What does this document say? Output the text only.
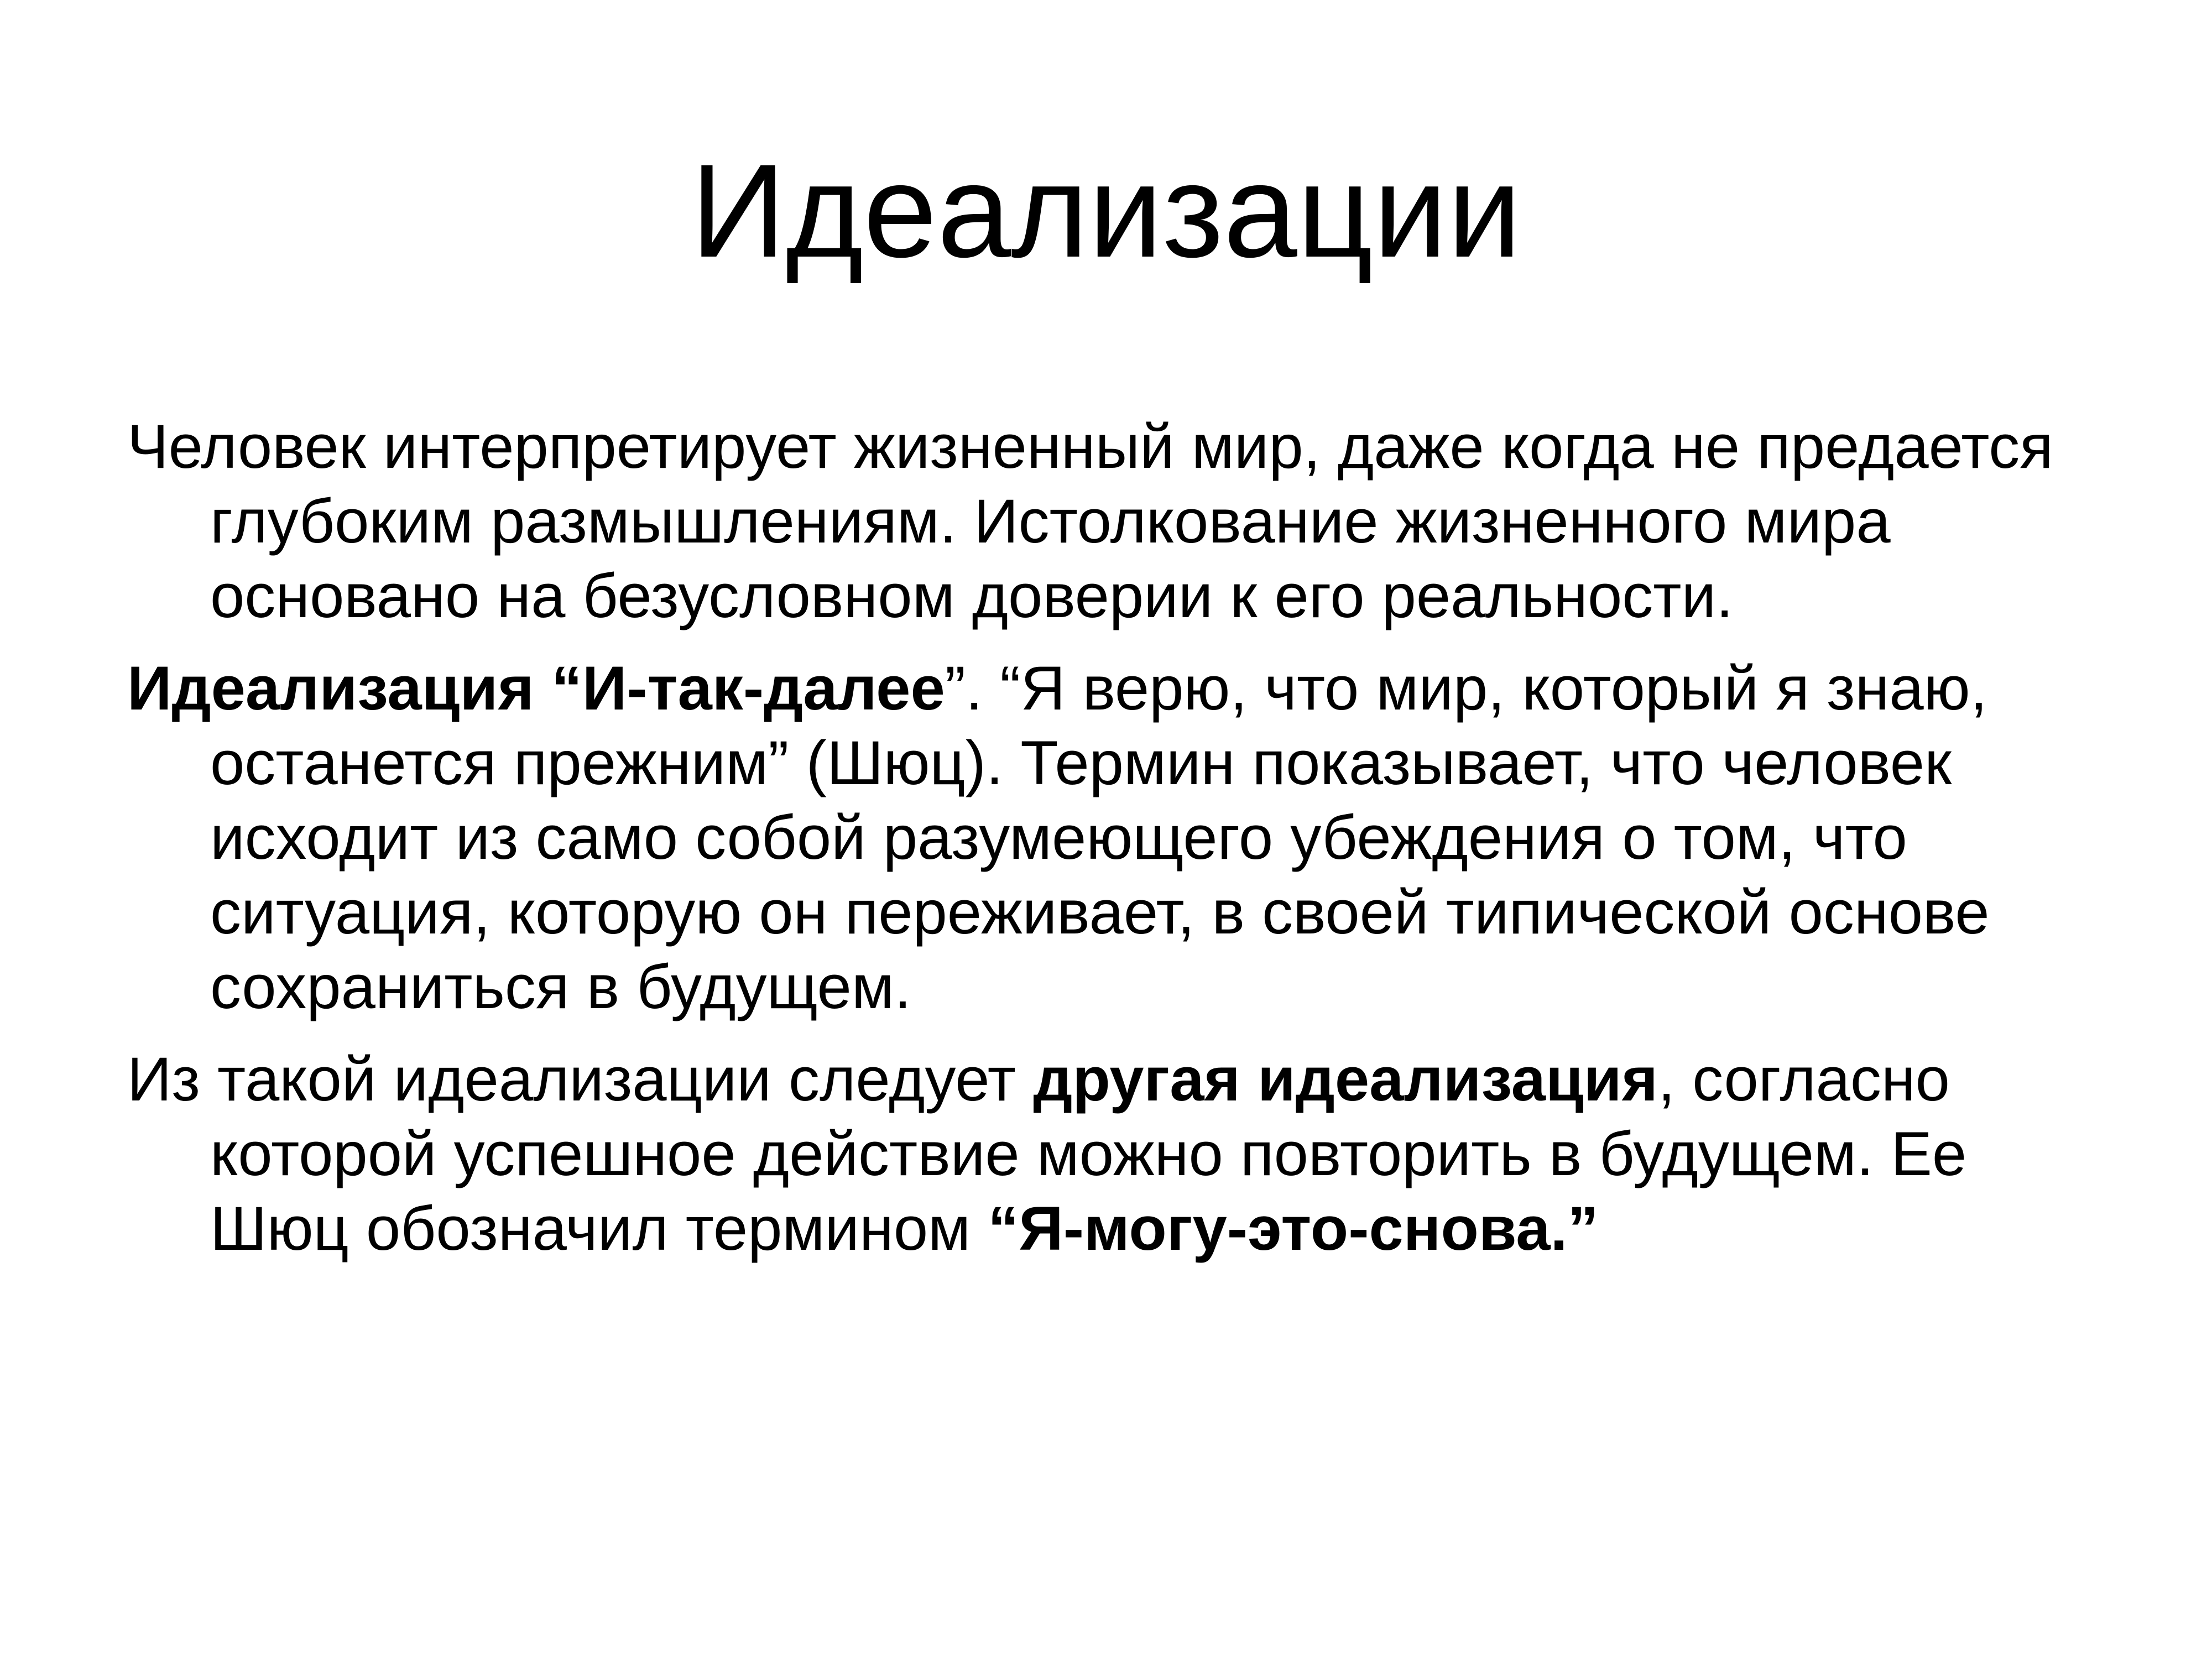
Идеализации
Человек интерпретирует жизненный мир, даже когда не предается
глубоким размышлениям. Истолкование жизненного мира
основано на безусловном доверии к его реальности.
Идеализация “И-так-далее”. “Я верю, что мир, который я знаю,
останется прежним” (Шюц). Термин показывает, что человек
исходит из само собой разумеющего убеждения о том, что
ситуация, которую он переживает, в своей типической основе
сохраниться в будущем.
Из такой идеализации следует другая идеализация, согласно
которой успешное действие можно повторить в будущем. Ее
Шюц обозначил термином “Я-могу-это-снова.”
